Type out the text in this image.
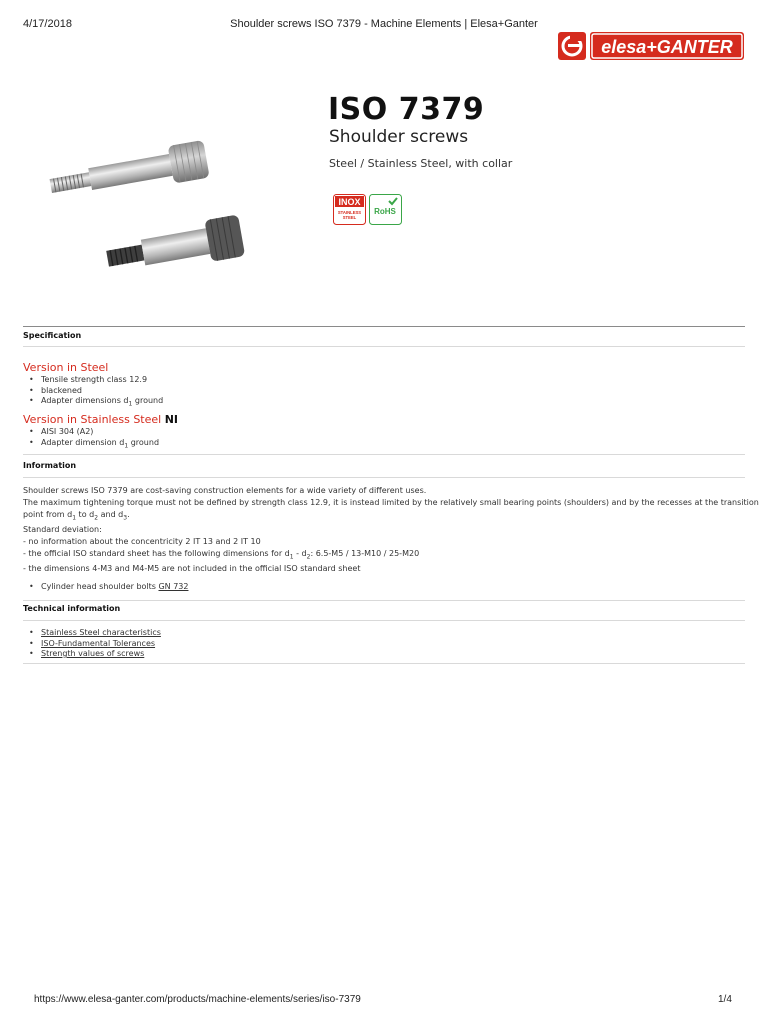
4/17/2018	Shoulder screws ISO 7379 - Machine Elements | Elesa+Ganter
elesa+GANTER
ISO 7379
Shoulder screws
Steel / Stainless Steel, with collar
INOX
STAINLESS
STEEL
RoHS
Specification
Version in Steel
• Tensile strength class 12.9
• blackened
• Adapter dimensions $d_1$ ground
Version in Stainless Steel NI
• AISI 304 (A2)
• Adapter dimension $d_1$ ground
Information

Shoulder screws ISO 7379 are cost-saving construction elements for a wide variety of different uses.

The maximum tightening torque must not be defined by strength class 12.9, it is instead limited by the relatively small bearing points (shoulders) and by the recesses at the transition

point from $d_1$ to $d_2$ and $d_3$.

Standard deviation:

- no information about the concentricity 2 IT 13 and 2 IT 10

- the official ISO standard sheet has the following dimensions for $d_1 - d_2$: 6.5-M5 / 13-M10 / 25-M20

- the dimensions 4-M3 and M4-M5 are not included in the official ISO standard sheet

• Cylinder head shoulder bolts GN 732
Technical information
• Stainless Steel characteristics
• ISO-Fundamental Tolerances
• Strength values of screws
https://www.elesa-ganter.com/products/machine-elements/series/iso-7379	1/4
